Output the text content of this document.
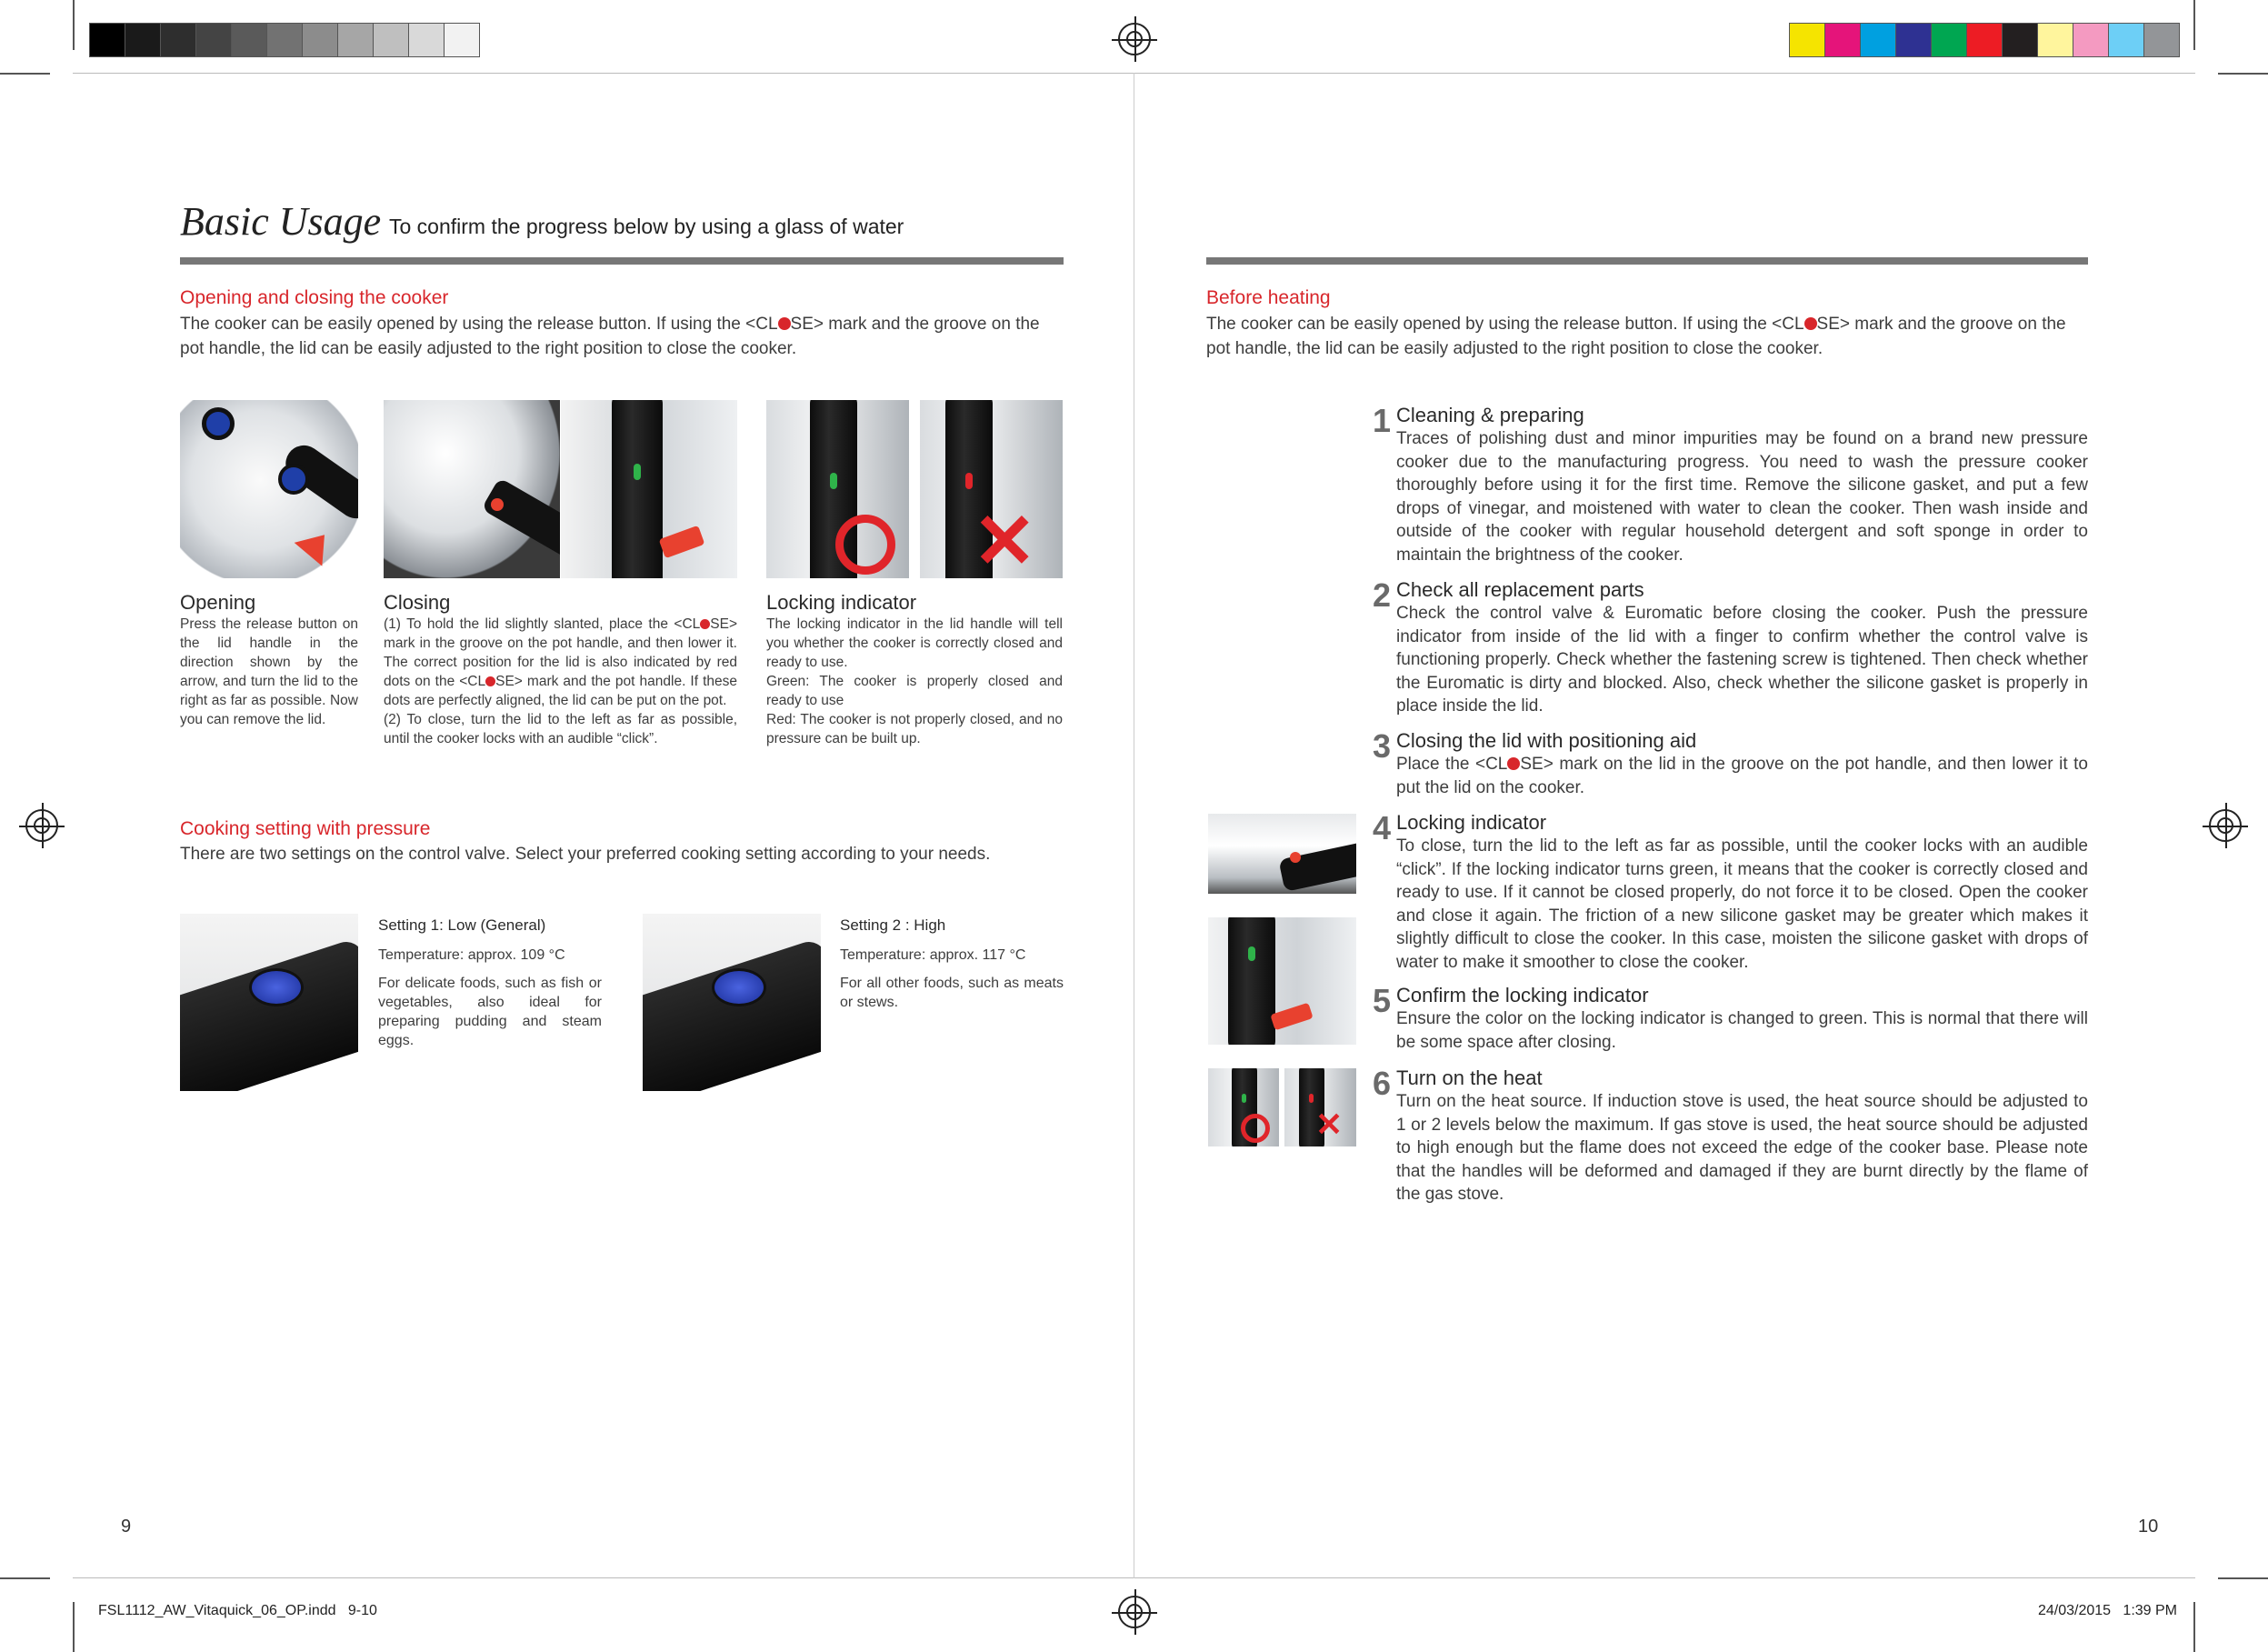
Basic Usage To confirm the progress below by using a glass of water
Opening and closing the cooker
The cooker can be easily opened by using the release button. If using the <CL SE> mark and the groove on the pot handle, the lid can be easily adjusted to the right position to close the cooker.
✕
Opening
Press the release button on the lid handle in the direction shown by the arrow, and turn the lid to the right as far as possible. Now you can remove the lid.
Closing
(1) To hold the lid slightly slanted, place the <CL SE> mark in the groove on the pot handle, and then lower it. The correct position for the lid is also indicated by red dots on the <CL SE> mark and the pot handle. If these dots are perfectly aligned, the lid can be put on the pot.
(2) To close, turn the lid to the left as far as possible, until the cooker locks with an audible “click”.
Locking indicator
The locking indicator in the lid handle will tell you whether the cooker is correctly closed and ready to use.
Green: The cooker is properly closed and ready to use
Red: The cooker is not properly closed, and no pressure can be built up.
Cooking setting with pressure
There are two settings on the control valve. Select your preferred cooking setting according to your needs.
Setting 1: Low (General)
Temperature: approx. 109 °C
For delicate foods, such as fish or vegetables, also ideal for preparing pudding and steam eggs.
Setting 2 : High
Temperature: approx. 117 °C
For all other foods, such as meats or stews.
9
Before heating
The cooker can be easily opened by using the release button. If using the <CL SE> mark and the groove on the pot handle, the lid can be easily adjusted to the right position to close the cooker.
1 Cleaning & preparing
Traces of polishing dust and minor impurities may be found on a brand new pressure cooker due to the manufacturing progress. You need to wash the pressure cooker thoroughly before using it for the first time. Remove the silicone gasket, and put a few drops of vinegar, and moistened with water to clean the cooker. Then wash inside and outside of the cooker with regular household detergent and soft sponge in order to maintain the brightness of the cooker.
2 Check all replacement parts
Check the control valve & Euromatic before closing the cooker. Push the pressure indicator from inside of the lid with a finger to confirm whether the control valve is functioning properly. Check whether the fastening screw is tightened. Then check whether the Euromatic is dirty and blocked. Also, check whether the silicone gasket is properly in place inside the lid.
3 Closing the lid with positioning aid
Place the <CL SE> mark on the lid in the groove on the pot handle, and then lower it to put the lid on the cooker.
4 Locking indicator
To close, turn the lid to the left as far as possible, until the cooker locks with an audible “click”. If the locking indicator turns green, it means that the cooker is correctly closed and ready to use. If it cannot be closed properly, do not force it to be closed. Open the cooker and close it again. The friction of a new silicone gasket may be greater which makes it slightly difficult to close the cooker. In this case, moisten the silicone gasket with drops of water to make it smoother to close the cooker.
5 Confirm the locking indicator
Ensure the color on the locking indicator is changed to green. This is normal that there will be some space after closing.
✕
6 Turn on the heat
Turn on the heat source. If induction stove is used, the heat source should be adjusted to 1 or 2 levels below the maximum. If gas stove is used, the heat source should be adjusted to high enough but the flame does not exceed the edge of the cooker base. Please note that the handles will be deformed and damaged if they are burnt directly by the flame of the gas stove.
10
FSL1112_AW_Vitaquick_06_OP.indd   9-10	24/03/2015   1:39 PM
